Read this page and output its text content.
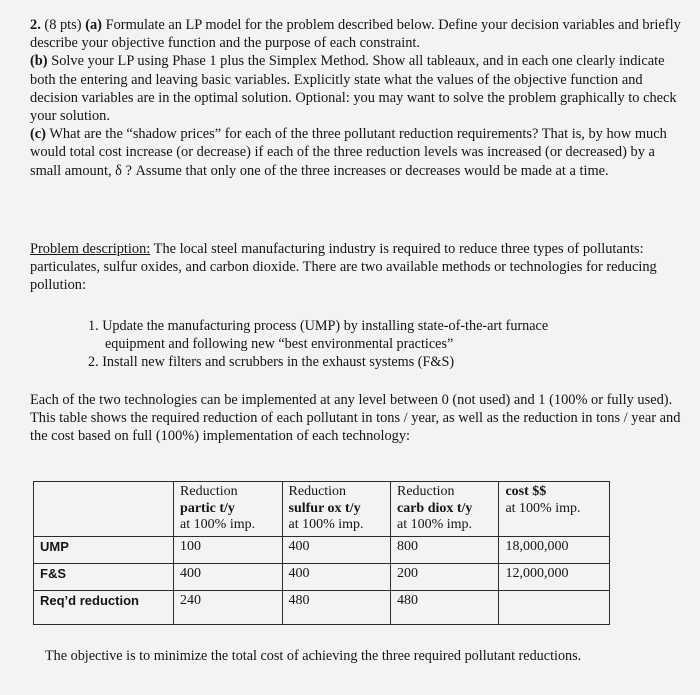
2. (8 pts) (a) Formulate an LP model for the problem described below. Define your decision variables and briefly describe your objective function and the purpose of each constraint.
(b) Solve your LP using Phase 1 plus the Simplex Method. Show all tableaux, and in each one clearly indicate both the entering and leaving basic variables. Explicitly state what the values of the objective function and decision variables are in the optimal solution. Optional: you may want to solve the problem graphically to check your solution.
(c) What are the “shadow prices” for each of the three pollutant reduction requirements? That is, by how much would total cost increase (or decrease) if each of the three reduction levels was increased (or decreased) by a small amount, δ ? Assume that only one of the three increases or decreases would be made at a time.

Problem description: The local steel manufacturing industry is required to reduce three types of pollutants: particulates, sulfur oxides, and carbon dioxide. There are two available methods or technologies for reducing pollution:

1. Update the manufacturing process (UMP) by installing state-of-the-art furnace
equipment and following new “best environmental practices”
2. Install new filters and scrubbers in the exhaust systems (F&S)

Each of the two technologies can be implemented at any level between 0 (not used) and 1 (100% or fully used). This table shows the required reduction of each pollutant in tons / year, as well as the reduction in tons / year and the cost based on full (100%) implementation of each technology:

	Reduction
partic t/y
at 100% imp.	Reduction
sulfur ox t/y
at 100% imp.	Reduction
carb diox t/y
at 100% imp.	cost $$
at 100% imp.

UMP	100	400	800	18,000,000
F&S	400	400	200	12,000,000
Req’d reduction	240	480	480	

The objective is to minimize the total cost of achieving the three required pollutant reductions.
